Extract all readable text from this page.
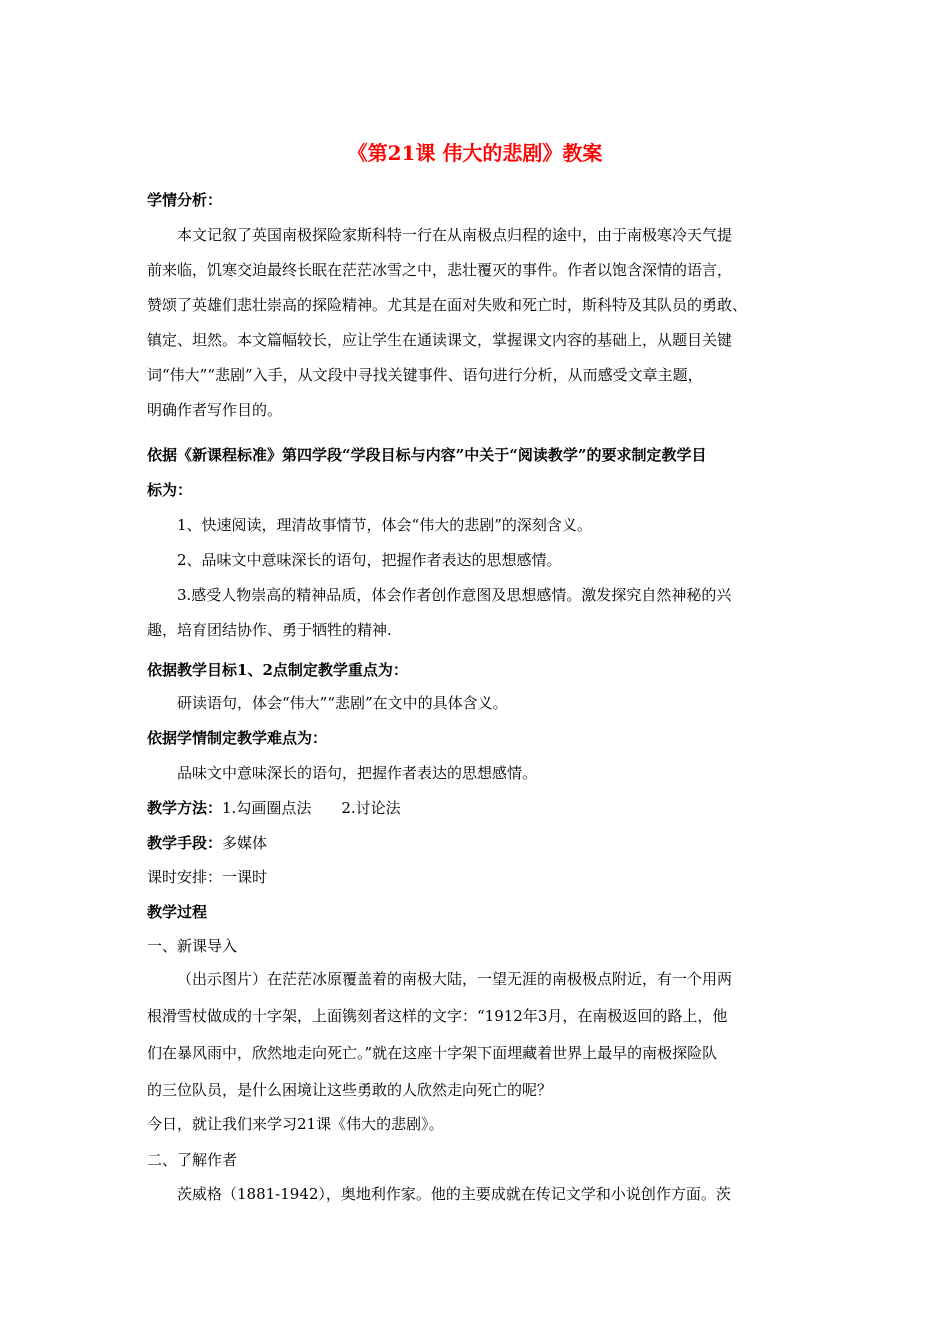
《第21课 伟大的悲剧》教案
学情分析：
本文记叙了英国南极探险家斯科特一行在从南极点归程的途中，由于南极寒冷天气提
前来临，饥寒交迫最终长眠在茫茫冰雪之中，悲壮覆灭的事件。作者以饱含深情的语言，
赞颂了英雄们悲壮崇高的探险精神。尤其是在面对失败和死亡时，斯科特及其队员的勇敢、
镇定、坦然。本文篇幅较长，应让学生在通读课文，掌握课文内容的基础上，从题目关键
词“伟大”“悲剧”入手，从文段中寻找关键事件、语句进行分析，从而感受文章主题，
明确作者写作目的。
依据《新课程标准》第四学段“学段目标与内容”中关于“阅读教学”的要求制定教学目
标为：
1、快速阅读，理清故事情节，体会“伟大的悲剧”的深刻含义。
2、品味文中意味深长的语句，把握作者表达的思想感情。
3.感受人物崇高的精神品质，体会作者创作意图及思想感情。激发探究自然神秘的兴
趣，培育团结协作、勇于牺牲的精神.
依据教学目标1、2点制定教学重点为：
研读语句，体会“伟大”“悲剧”在文中的具体含义。
依据学情制定教学难点为：
品味文中意味深长的语句，把握作者表达的思想感情。
教学方法：1.勾画圈点法　　2.讨论法
教学手段：多媒体
课时安排：一课时
教学过程
一、新课导入
（出示图片）在茫茫冰原覆盖着的南极大陆，一望无涯的南极极点附近，有一个用两
根滑雪杖做成的十字架，上面镌刻者这样的文字：“1912年3月，在南极返回的路上，他
们在暴风雨中，欣然地走向死亡。”就在这座十字架下面埋藏着世界上最早的南极探险队
的三位队员，是什么困境让这些勇敢的人欣然走向死亡的呢？
今日，就让我们来学习21课《伟大的悲剧》。
二、了解作者
茨威格（1881-1942），奥地利作家。他的主要成就在传记文学和小说创作方面。茨
